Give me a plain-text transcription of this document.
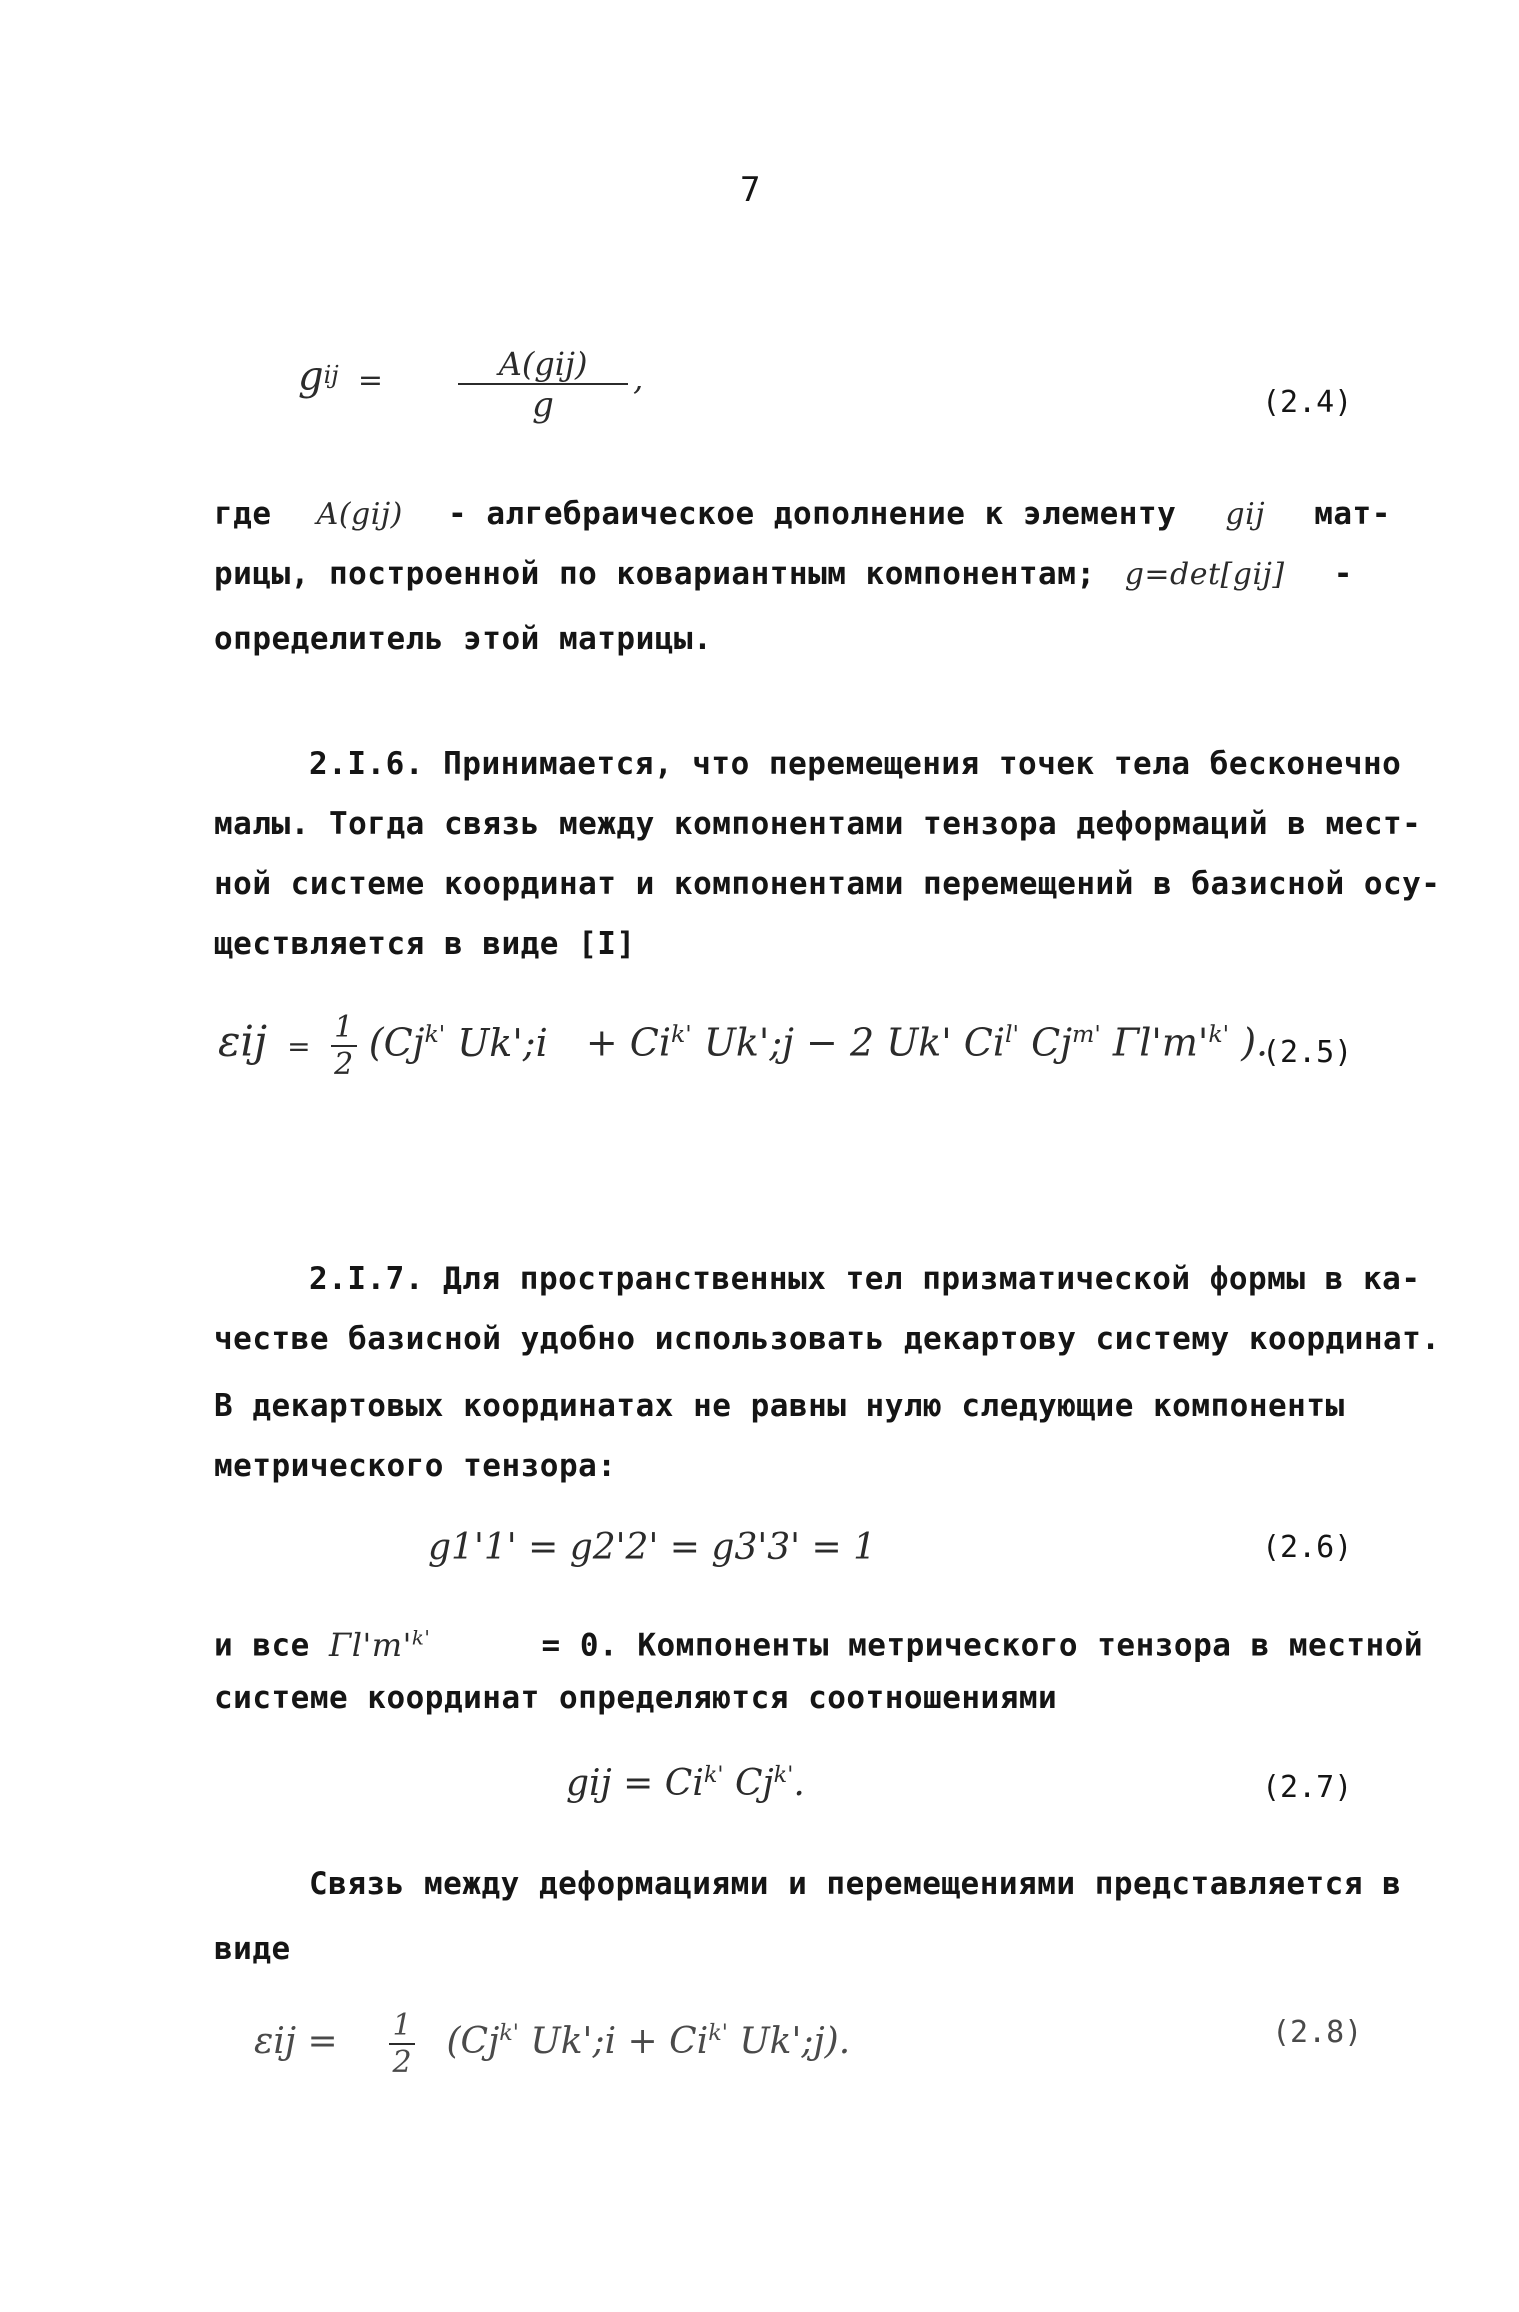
7
$g^{ij} = \frac{\text{A(gij)}}{g}$ ,
(2.4)
где A(gij) - алгебраическое дополнение к элементу gij мат-
рицы, построенной по ковариантным компонентам; g=det[gij] -
определитель этой матрицы.
2.I.6. Принимается, что перемещения точек тела бесконечно
малы. Тогда связь между компонентами тензора деформаций в мест-
ной системе координат и компонентами перемещений в базисной осу-
ществляется в виде [I]
$\varepsilon ij = \frac{1}{2} (Cj^{k'}$ Uk';i + $Ci^{k'}$ Uk';j − 2 Uk' $Ci^{l'}$ $Cj^{m'}$ $\Gamma l'm'^{k'}$ ).
(2.5)
2.I.7. Для пространственных тел призматической формы в ка-
честве базисной удобно использовать декартову систему координат.
В декартовых координатах не равны нулю следующие компоненты
метрического тензора:
g1'1' = g2'2' = g3'3' = 1	(2.6)
и все $\Gamma l'm'^{k'}$	= 0. Компоненты метрического тензора в местной
системе координат определяются соотношениями
gij = $Ci^{k'}$ $Cj^{k'}$.	(2.7)
Связь между деформациями и перемещениями представляется в
виде
$\varepsilon ij = \frac{1}{2} (Cj^{k'}$ Uk';i + $Ci^{k'}$ Uk';j).	(2.8)
